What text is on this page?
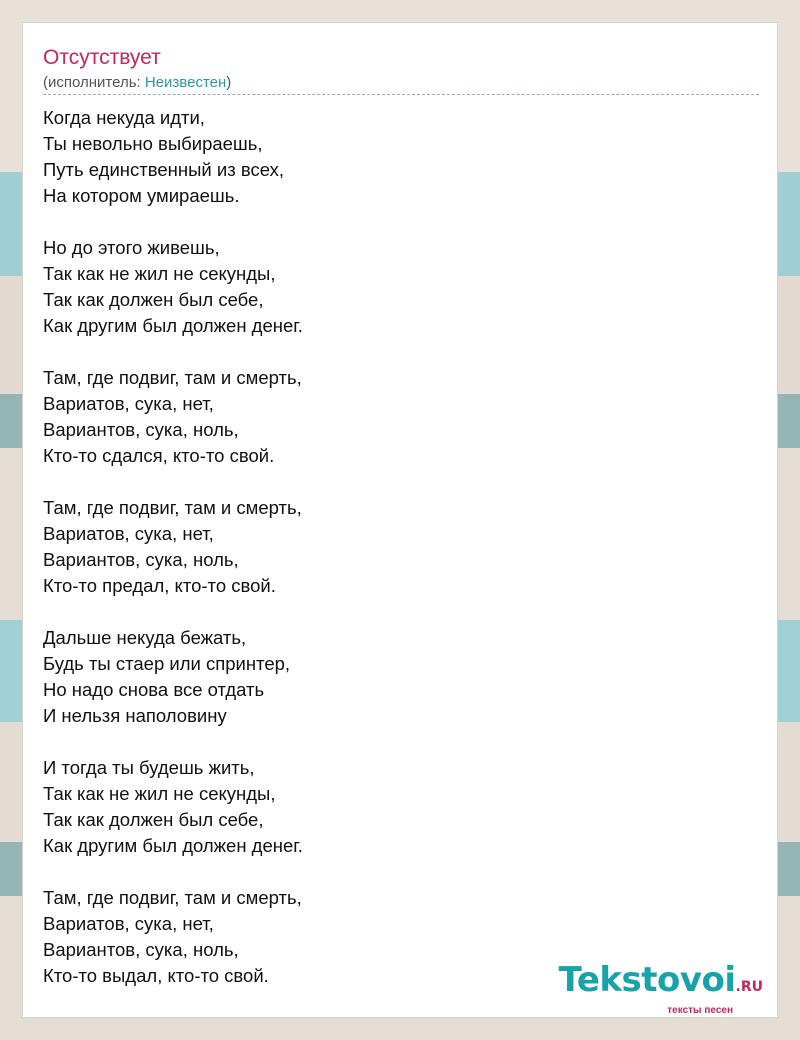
Отсутствует
(исполнитель: Неизвестен)
Когда некуда идти,
Ты невольно выбираешь,
Путь единственный из всех,
На котором умираешь.
Но до этого живешь,
Так как не жил не секунды,
Так как должен был себе,
Как другим был должен денег.
Там, где подвиг, там и смерть,
Вариатов, сука, нет,
Вариантов, сука, ноль,
Кто-то сдался, кто-то свой.
Там, где подвиг, там и смерть,
Вариатов, сука, нет,
Вариантов, сука, ноль,
Кто-то предал, кто-то свой.
Дальше некуда бежать,
Будь ты стаер или спринтер,
Но надо снова все отдать
И нельзя наполовину
И тогда ты будешь жить,
Так как не жил не секунды,
Так как должен был себе,
Как другим был должен денег.
Там, где подвиг, там и смерть,
Вариатов, сука, нет,
Вариантов, сука, ноль,
Кто-то выдал, кто-то свой.	Tekstovoi.RU
тексты песен
